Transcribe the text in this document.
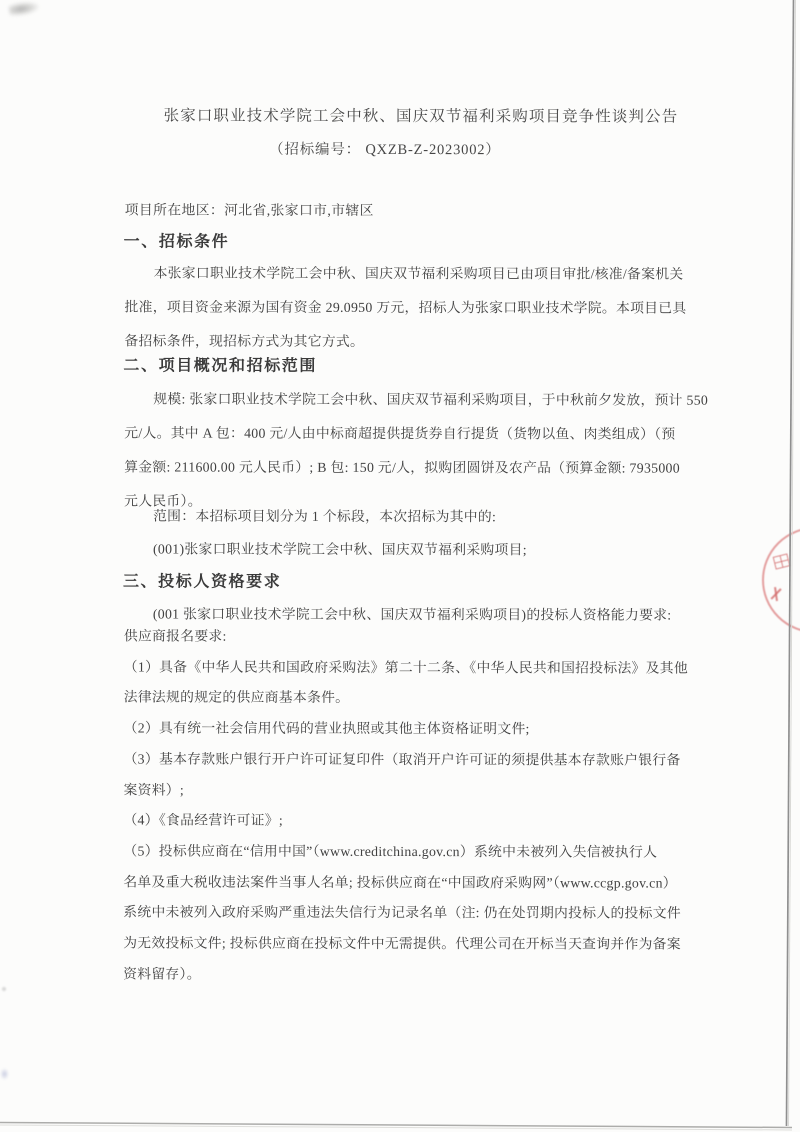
张家口职业技术学院工会中秋、国庆双节福利采购项目竞争性谈判公告
（招标编号： QXZB-Z-2023002）
项目所在地区：河北省,张家口市,市辖区
一、招标条件
本张家口职业技术学院工会中秋、国庆双节福利采购项目已由项目审批/核准/备案机关
批准，项目资金来源为国有资金 29.0950 万元，招标人为张家口职业技术学院。本项目已具
备招标条件，现招标方式为其它方式。
二、项目概况和招标范围
规模: 张家口职业技术学院工会中秋、国庆双节福利采购项目，于中秋前夕发放，预计 550
元/人。其中 A 包：400 元/人由中标商超提供提货券自行提货（货物以鱼、肉类组成）（预
算金额: 211600.00 元人民币）; B 包: 150 元/人，拟购团圆饼及农产品（预算金额: 7935000
元人民币）。
范围：本招标项目划分为 1 个标段，本次招标为其中的:
(001)张家口职业技术学院工会中秋、国庆双节福利采购项目;
三、投标人资格要求
(001 张家口职业技术学院工会中秋、国庆双节福利采购项目)的投标人资格能力要求:
供应商报名要求:
（1）具备《中华人民共和国政府采购法》第二十二条、《中华人民共和国招投标法》及其他
法律法规的规定的供应商基本条件。
（2）具有统一社会信用代码的营业执照或其他主体资格证明文件;
（3）基本存款账户银行开户许可证复印件（取消开户许可证的须提供基本存款账户银行备
案资料）;
（4）《食品经营许可证》;
（5）投标供应商在“信用中国”（www.creditchina.gov.cn）系统中未被列入失信被执行人
名单及重大税收违法案件当事人名单; 投标供应商在“中国政府采购网”（www.ccgp.gov.cn）
系统中未被列入政府采购严重违法失信行为记录名单（注: 仍在处罚期内投标人的投标文件
为无效投标文件; 投标供应商在投标文件中无需提供。代理公司在开标当天查询并作为备案
资料留存）。
